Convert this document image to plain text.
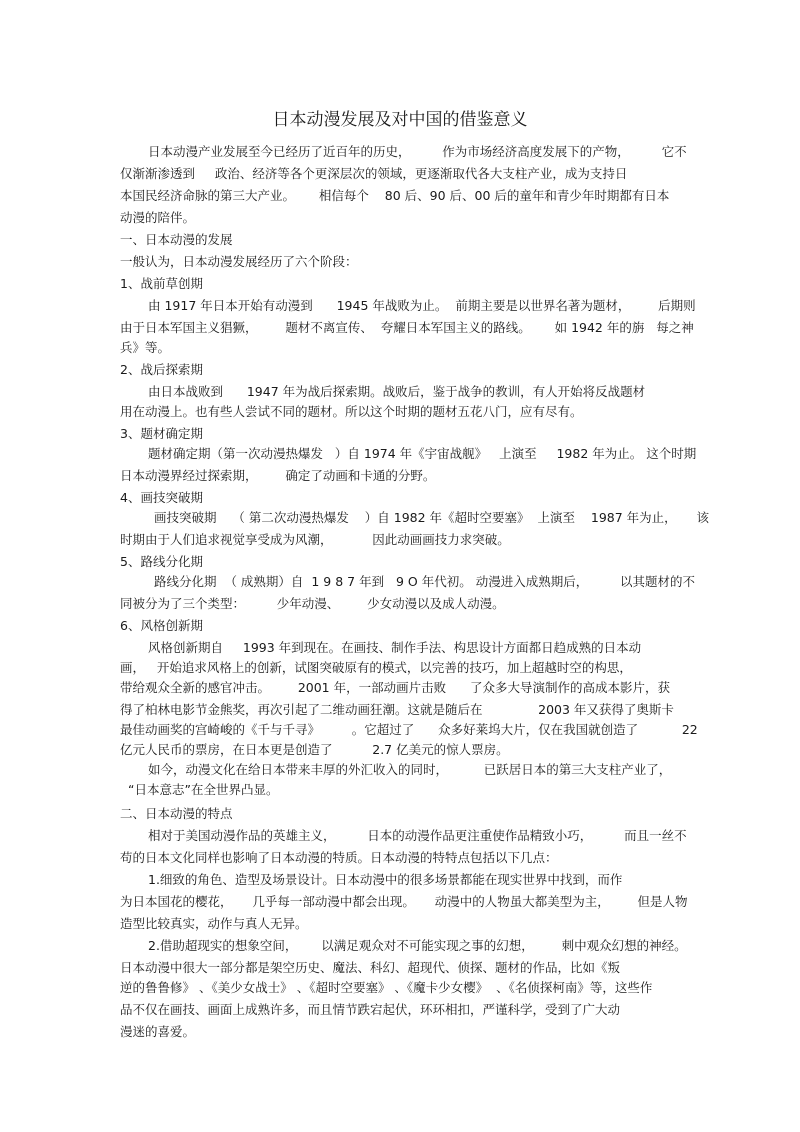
日本动漫发展及对中国的借鉴意义
日本动漫产业发展至今已经历了近百年的历史，        作为市场经济高度发展下的产物，        它不
仅渐渐渗透到     政治、经济等各个更深层次的领域，更逐渐取代各大支柱产业，成为支持日
本国民经济命脉的第三大产业。      相信每个    80 后、90 后、00 后的童年和青少年时期都有日本
动漫的陪伴。
一、日本动漫的发展
一般认为，日本动漫发展经历了六个阶段：
1、战前草创期
由 1917 年日本开始有动漫到      1945 年战败为止。  前期主要是以世界名著为题材，       后期则
由于日本军国主义猖獗，       题材不离宣传、  夸耀日本军国主义的路线。      如 1942 年的旃   每之神
兵》等。
2、战后探索期
由日本战败到      1947 年为战后探索期。战败后，鉴于战争的教训，有人开始将反战题材
用在动漫上。也有些人尝试不同的题材。所以这个时期的题材五花八门，应有尽有。
3、题材确定期
题材确定期（第一次动漫热爆发   ）自 1974 年《宇宙战舰》   上演至     1982 年为止。 这个时期
日本动漫界经过探索期，       确定了动画和卡通的分野。
4、画技突破期
画技突破期    （ 第二次动漫热爆发    ）自 1982 年《超时空要塞》  上演至    1987 年为止，     该
时期由于人们追求视觉享受成为风潮，          因此动画画技力求突破。
5、路线分化期
路线分化期  （ 成熟期）自  1 9 8 7 年到   9 O 年代初。 动漫进入成熟期后，        以其题材的不
同被分为了三个类型：        少年动漫、       少女动漫以及成人动漫。
6、风格创新期
风格创新期自     1993 年到现在。在画技、制作手法、构思设计方面都日趋成熟的日本动
画，   开始追求风格上的创新，试图突破原有的模式，以完善的技巧，加上超越时空的构思，
带给观众全新的感官冲击。       2001 年，一部动画片击败      了众多大导演制作的高成本影片，获
得了柏林电影节金熊奖，再次引起了二维动画狂潮。这就是随后在              2003 年又获得了奥斯卡
最佳动画奖的宫崎峻的《千与千寻》        。它超过了      众多好莱坞大片，仅在我国就创造了           22
亿元人民币的票房，在日本更是创造了          2.7 亿美元的惊人票房。
如今，动漫文化在给日本带来丰厚的外汇收入的同时，         已跃居日本的第三大支柱产业了，
“日本意志”在全世界凸显。
二、日本动漫的特点
相对于美国动漫作品的英雄主义，        日本的动漫作品更注重使作品精致小巧，        而且一丝不
苟的日本文化同样也影响了日本动漫的特质。日本动漫的特特点包括以下几点：
1.细致的角色、造型及场景设计。日本动漫中的很多场景都能在现实世界中找到，而作
为日本国花的樱花，     几乎每一部动漫中都会出现。     动漫中的人物虽大都美型为主，       但是人物
造型比较真实，动作与真人无异。
2.借助超现实的想象空间，      以满足观众对不可能实现之事的幻想，       刺中观众幻想的神经。
日本动漫中很大一部分都是架空历史、魔法、科幻、超现代、侦探、题材的作品，比如《叛
逆的鲁鲁修》 、《美少女战士》 、《超时空要塞》 、《魔卡少女樱》  、《名侦探柯南》等，这些作
品不仅在画技、画面上成熟许多，而且情节跌宕起伏，环环相扣，严谨科学，受到了广大动
漫迷的喜爱。
